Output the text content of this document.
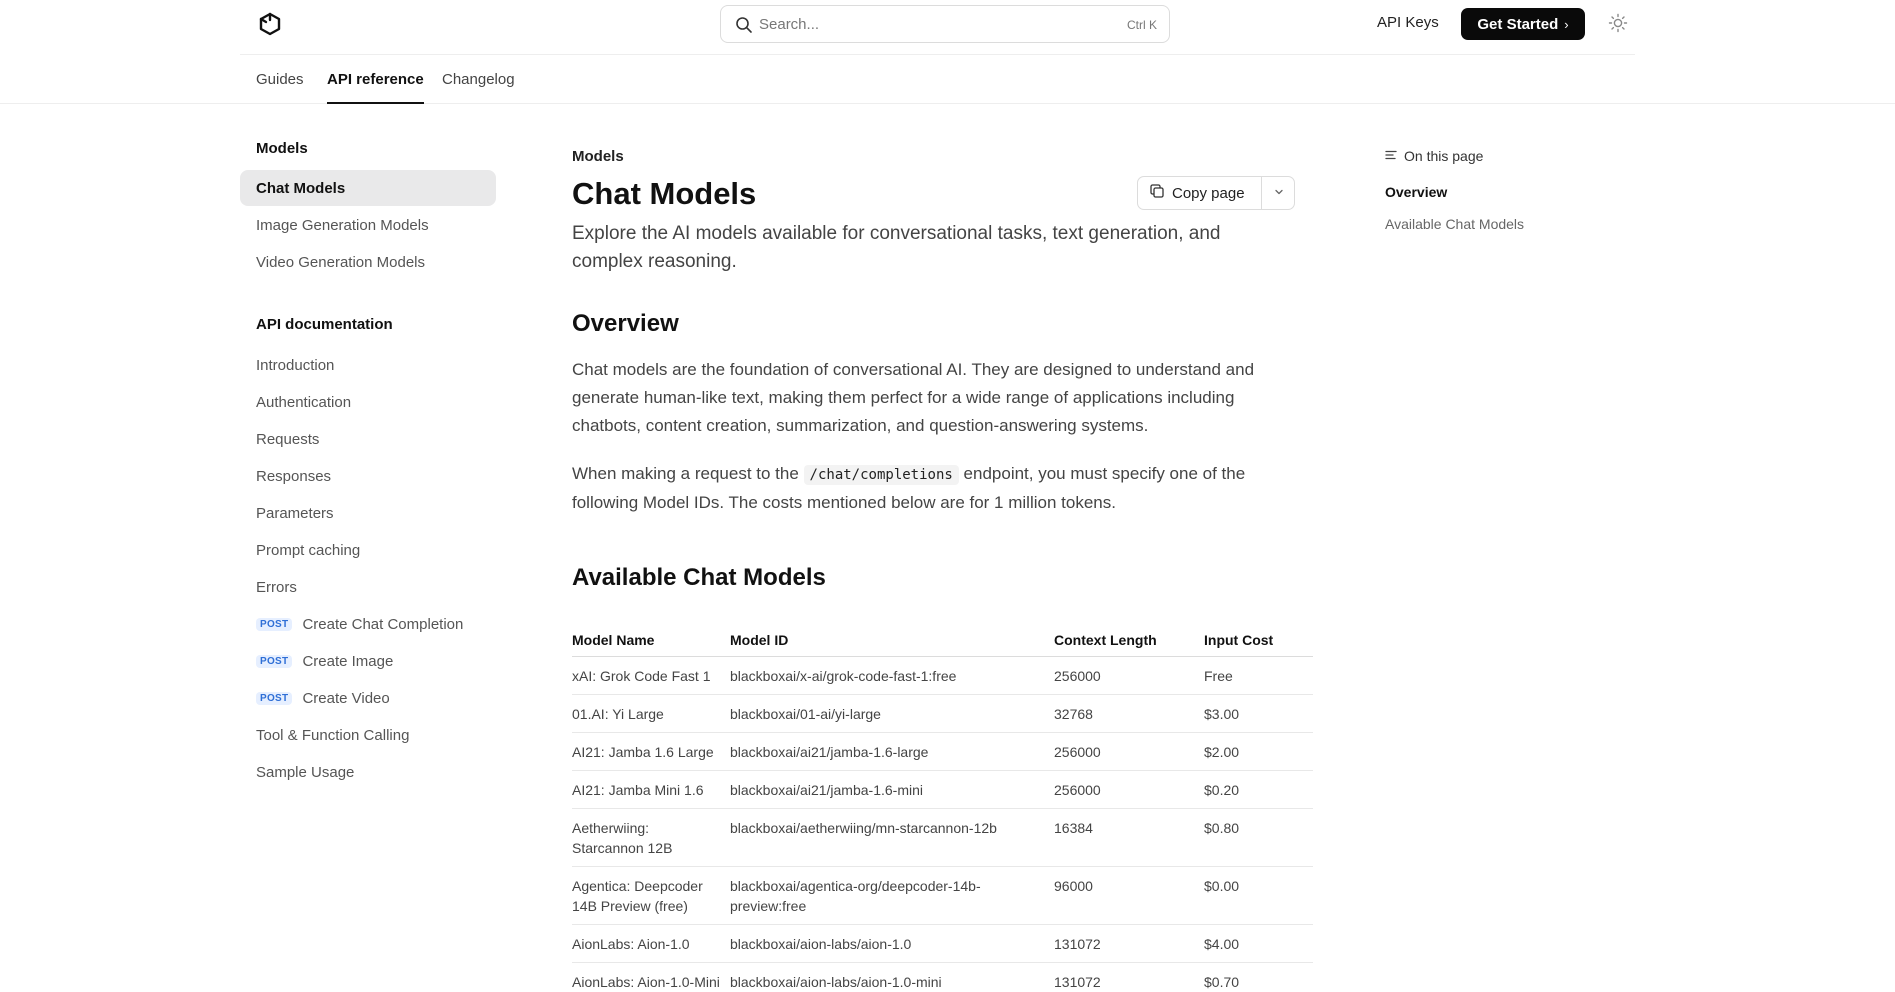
Search...	Ctrl K	API Keys	Get Started ›
Guides API reference Changelog
Models
Chat Models
Image Generation Models
Video Generation Models
API documentation
Introduction
Authentication
Requests
Responses
Parameters
Prompt caching
Errors
POST Create Chat Completion
POST Create Image
POST Create Video
Tool & Function Calling
Sample Usage
Models
Chat Models	Copy page

Explore the AI models available for conversational tasks, text generation, and complex reasoning.

Overview

Chat models are the foundation of conversational AI. They are designed to understand and generate human-like text, making them perfect for a wide range of applications including chatbots, content creation, summarization, and question-answering systems.

When making a request to the /chat/completions endpoint, you must specify one of the following Model IDs. The costs mentioned below are for 1 million tokens.

Available Chat Models
Model Name	Model ID	Context Length	Input Cost
xAI: Grok Code Fast 1	blackboxai/x-ai/grok-code-fast-1:free	256000	Free
01.AI: Yi Large	blackboxai/01-ai/yi-large	32768	$3.00
AI21: Jamba 1.6 Large	blackboxai/ai21/jamba-1.6-large	256000	$2.00
AI21: Jamba Mini 1.6	blackboxai/ai21/jamba-1.6-mini	256000	$0.20
Aetherwiing: Starcannon 12B	blackboxai/aetherwiing/mn-starcannon-12b	16384	$0.80
Agentica: Deepcoder 14B Preview (free)	blackboxai/agentica-org/deepcoder-14b-preview:free	96000	$0.00
AionLabs: Aion-1.0	blackboxai/aion-labs/aion-1.0	131072	$4.00
AionLabs: Aion-1.0-Mini	blackboxai/aion-labs/aion-1.0-mini	131072	$0.70
On this page
Overview
Available Chat Models
